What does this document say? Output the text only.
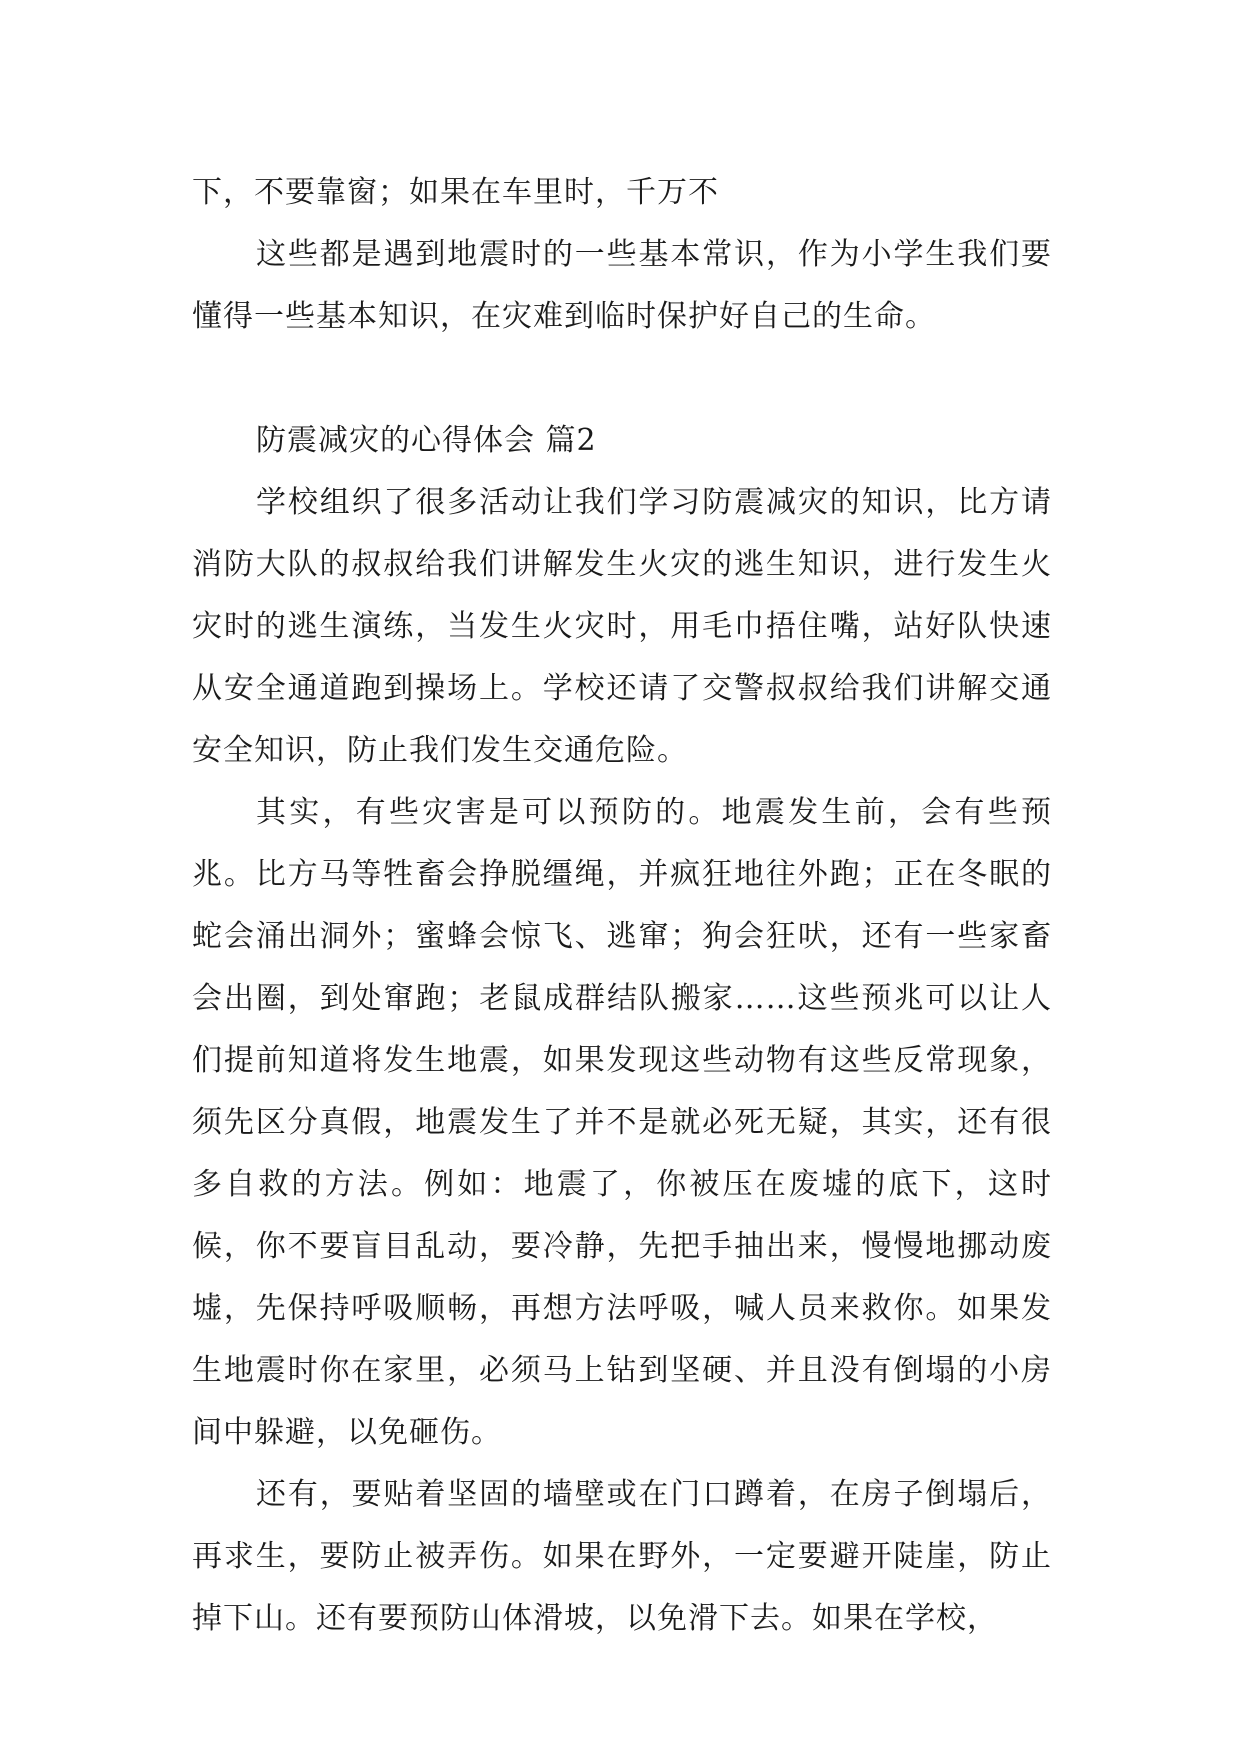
下，不要靠窗；如果在车里时，千万不

这些都是遇到地震时的一些基本常识，作为小学生我们要懂得一些基本知识，在灾难到临时保护好自己的生命。

防震减灾的心得体会 篇2

学校组织了很多活动让我们学习防震减灾的知识，比方请消防大队的叔叔给我们讲解发生火灾的逃生知识，进行发生火灾时的逃生演练，当发生火灾时，用毛巾捂住嘴，站好队快速从安全通道跑到操场上。学校还请了交警叔叔给我们讲解交通安全知识，防止我们发生交通危险。

其实，有些灾害是可以预防的。地震发生前，会有些预兆。比方马等牲畜会挣脱缰绳，并疯狂地往外跑；正在冬眠的蛇会涌出洞外；蜜蜂会惊飞、逃窜；狗会狂吠，还有一些家畜会出圈，到处窜跑；老鼠成群结队搬家……这些预兆可以让人们提前知道将发生地震，如果发现这些动物有这些反常现象，须先区分真假，地震发生了并不是就必死无疑，其实，还有很多自救的方法。例如：地震了，你被压在废墟的底下，这时候，你不要盲目乱动，要冷静，先把手抽出来，慢慢地挪动废墟，先保持呼吸顺畅，再想方法呼吸，喊人员来救你。如果发生地震时你在家里，必须马上钻到坚硬、并且没有倒塌的小房间中躲避，以免砸伤。

还有，要贴着坚固的墙壁或在门口蹲着，在房子倒塌后，再求生，要防止被弄伤。如果在野外，一定要避开陡崖，防止掉下山。还有要预防山体滑坡，以免滑下去。如果在学校，
